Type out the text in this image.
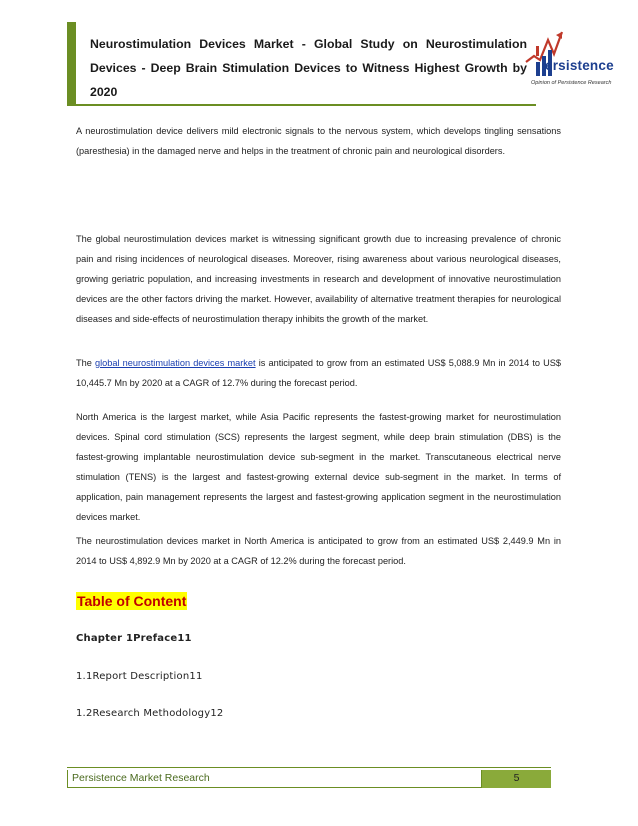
Neurostimulation Devices Market - Global Study on Neurostimulation Devices - Deep Brain Stimulation Devices to Witness Highest Growth by 2020
ersistence
Opinion of Persistence Research
A neurostimulation device delivers mild electronic signals to the nervous system, which develops tingling sensations (paresthesia) in the damaged nerve and helps in the treatment of chronic pain and neurological disorders.
The global neurostimulation devices market is witnessing significant growth due to increasing prevalence of chronic pain and rising incidences of neurological diseases. Moreover, rising awareness about various neurological diseases, growing geriatric population, and increasing investments in research and development of innovative neurostimulation devices are the other factors driving the market. However, availability of alternative treatment therapies for neurological diseases and side-effects of neurostimulation therapy inhibits the growth of the market.
The global neurostimulation devices market is anticipated to grow from an estimated US$ 5,088.9 Mn in 2014 to US$ 10,445.7 Mn by 2020 at a CAGR of 12.7% during the forecast period.
North America is the largest market, while Asia Pacific represents the fastest-growing market for neurostimulation devices. Spinal cord stimulation (SCS) represents the largest segment, while deep brain stimulation (DBS) is the fastest-growing implantable neurostimulation device sub-segment in the market. Transcutaneous electrical nerve stimulation (TENS) is the largest and fastest-growing external device sub-segment in the market. In terms of application, pain management represents the largest and fastest-growing application segment in the neurostimulation devices market.
The neurostimulation devices market in North America is anticipated to grow from an estimated US$ 2,449.9 Mn in 2014 to US$ 4,892.9 Mn by 2020 at a CAGR of 12.2% during the forecast period.
Table of Content
Chapter 1Preface11
1.1Report Description11
1.2Research Methodology12
Persistence Market Research	5
